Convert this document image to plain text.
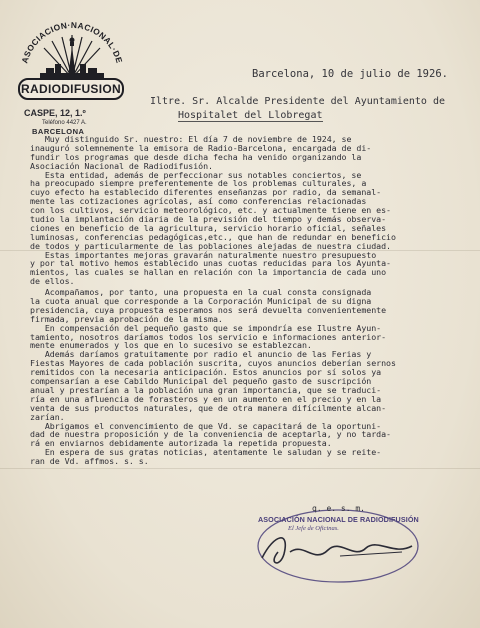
ASOCIACION·NACIONAL·DE
RADIODIFUSION
CASPE, 12, 1.º
Teléfono 4427 A.
BARCELONA
Barcelona, 10 de julio de 1926.
Iltre. Sr. Alcalde Presidente del Ayuntamiento de
Hospitalet del Llobregat
Muy distinguido Sr. nuestro: El día 7 de noviembre de 1924, se
inauguró solemnemente la emisora de Radio-Barcelona, encargada de di-
fundir los programas que desde dicha fecha ha venido organizando la
Asociación Nacional de Radiodifusión.
Esta entidad, además de perfeccionar sus notables conciertos, se
ha preocupado siempre preferentemente de los problemas culturales, a
cuyo efecto ha establecido diferentes enseñanzas por radio, da semanal-
mente las cotizaciones agrícolas, así como conferencias relacionadas
con los cultivos, servicio meteorológico, etc. y actualmente tiene en es-
tudio la implantación diaria de la previsión del tiempo y demás observa-
ciones en beneficio de la agricultura, servicio horario oficial, señales
luminosas, conferencias pedagógicas,etc., que han de redundar en beneficio
de todos y particularmente de las poblaciones alejadas de nuestra ciudad.
Estas importantes mejoras gravarán naturalmente nuestro presupuesto
y por tal motivo hemos establecido unas cuotas reducidas para los Ayunta-
mientos, las cuales se hallan en relación con la importancia de cada uno
de ellos.
Acompañamos, por tanto, una propuesta en la cual consta consignada
la cuota anual que corresponde a la Corporación Municipal de su digna
presidencia, cuya propuesta esperamos nos será devuelta convenientemente
firmada, previa aprobación de la misma.
En compensación del pequeño gasto que se impondría ese Ilustre Ayun-
tamiento, nosotros daríamos todos los servicio e informaciones anterior-
mente enumerados y los que en lo sucesivo se establezcan.
Además daríamos gratuitamente por radio el anuncio de las Ferias y
Fiestas Mayores de cada población suscrita, cuyos anuncios deberían sernos
remitidos con la necesaria anticipación. Estos anuncios por sí solos ya
compensarían a ese Cabildo Municipal del pequeño gasto de suscripción
anual y prestarían a la población una gran importancia, que se traduci-
ría en una afluencia de forasteros y en un aumento en el precio y en la
venta de sus productos naturales, que de otra manera difícilmente alcan-
zarían.
Abrigamos el convencimiento de que Vd. se capacitará de la oportuni-
dad de nuestra proposición y de la conveniencia de aceptarla, y no tarda-
rá en enviarnos debidamente autorizada la repetida propuesta.
En espera de sus gratas noticias, atentamente le saludan y se reite-
ran de Vd. affmos. s. s.
q. e. s. m.
ASOCIACIÓN NACIONAL DE RADIODIFUSIÓN
El Jefe de Oficinas.
